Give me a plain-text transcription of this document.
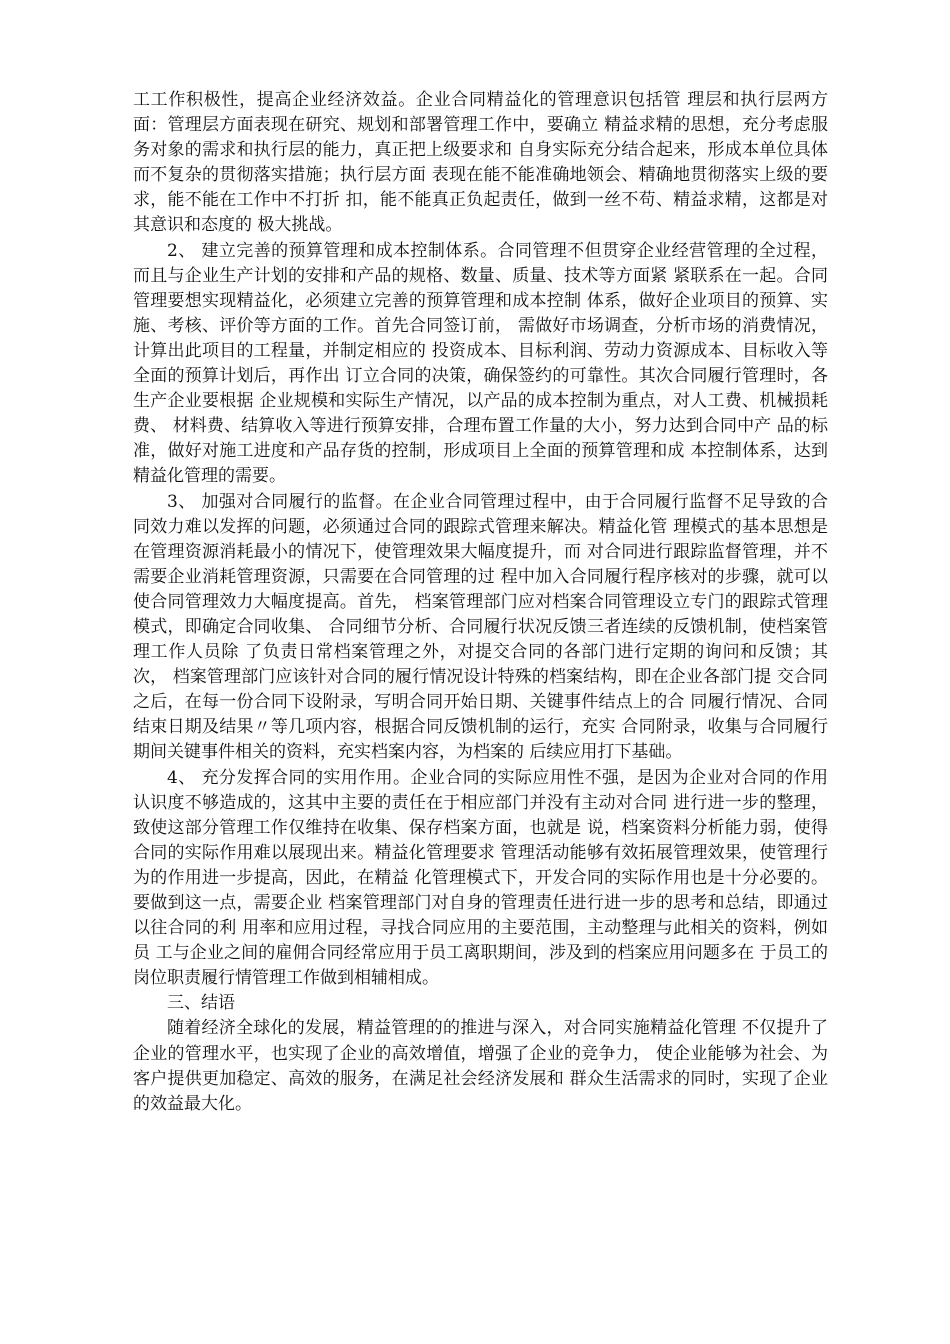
工工作积极性，提高企业经济效益。企业合同精益化的管理意识包括管 理层和执行层两方面：管理层方面表现在研究、规划和部署管理工作中，要确立 精益求精的思想，充分考虑服务对象的需求和执行层的能力，真正把上级要求和 自身实际充分结合起来，形成本单位具体而不复杂的贯彻落实措施；执行层方面 表现在能不能准确地领会、精确地贯彻落实上级的要求，能不能在工作中不打折 扣，能不能真正负起责任，做到一丝不苟、精益求精，这都是对其意识和态度的 极大挑战。

2、 建立完善的预算管理和成本控制体系。合同管理不但贯穿企业经营管理的全过程，而且与企业生产计划的安排和产品的规格、数量、质量、技术等方面紧 紧联系在一起。合同管理要想实现精益化，必须建立完善的预算管理和成本控制 体系，做好企业项目的预算、实施、考核、评价等方面的工作。首先合同签订前， 需做好市场调查，分析市场的消费情况，计算出此项目的工程量，并制定相应的 投资成本、目标利润、劳动力资源成本、目标收入等全面的预算计划后，再作出 订立合同的决策，确保签约的可靠性。其次合同履行管理时，各生产企业要根据 企业规模和实际生产情况，以产品的成本控制为重点，对人工费、机械损耗费、 材料费、结算收入等进行预算安排，合理布置工作量的大小，努力达到合同中产 品的标准，做好对施工进度和产品存货的控制，形成项目上全面的预算管理和成 本控制体系，达到精益化管理的需要。

3、 加强对合同履行的监督。在企业合同管理过程中，由于合同履行监督不足导致的合同效力难以发挥的问题，必须通过合同的跟踪式管理来解决。精益化管 理模式的基本思想是在管理资源消耗最小的情况下，使管理效果大幅度提升，而 对合同进行跟踪监督管理，并不需要企业消耗管理资源，只需要在合同管理的过 程中加入合同履行程序核对的步骤，就可以使合同管理效力大幅度提高。首先， 档案管理部门应对档案合同管理设立专门的跟踪式管理模式，即确定合同收集、 合同细节分析、合同履行状况反馈三者连续的反馈机制，使档案管理工作人员除 了负责日常档案管理之外，对提交合同的各部门进行定期的询问和反馈；其次， 档案管理部门应该针对合同的履行情况设计特殊的档案结构，即在企业各部门提 交合同之后，在每一份合同下设附录，写明合同开始日期、关键事件结点上的合 同履行情况、合同结束日期及结果〃等几项内容，根据合同反馈机制的运行，充实 合同附录，收集与合同履行期间关键事件相关的资料，充实档案内容，为档案的 后续应用打下基础。

4、 充分发挥合同的实用作用。企业合同的实际应用性不强，是因为企业对合同的作用认识度不够造成的，这其中主要的责任在于相应部门并没有主动对合同 进行进一步的整理，致使这部分管理工作仅维持在收集、保存档案方面，也就是 说，档案资料分析能力弱，使得合同的实际作用难以展现出来。精益化管理要求 管理活动能够有效拓展管理效果，使管理行为的作用进一步提高，因此，在精益 化管理模式下，开发合同的实际作用也是十分必要的。要做到这一点，需要企业 档案管理部门对自身的管理责任进行进一步的思考和总结，即通过以往合同的利 用率和应用过程，寻找合同应用的主要范围，主动整理与此相关的资料，例如员 工与企业之间的雇佣合同经常应用于员工离职期间，涉及到的档案应用问题多在 于员工的岗位职责履行情管理工作做到相辅相成。

三、结语

随着经济全球化的发展，精益管理的的推进与深入，对合同实施精益化管理 不仅提升了企业的管理水平，也实现了企业的高效增值，增强了企业的竞争力， 使企业能够为社会、为客户提供更加稳定、高效的服务，在满足社会经济发展和 群众生活需求的同时，实现了企业的效益最大化。
